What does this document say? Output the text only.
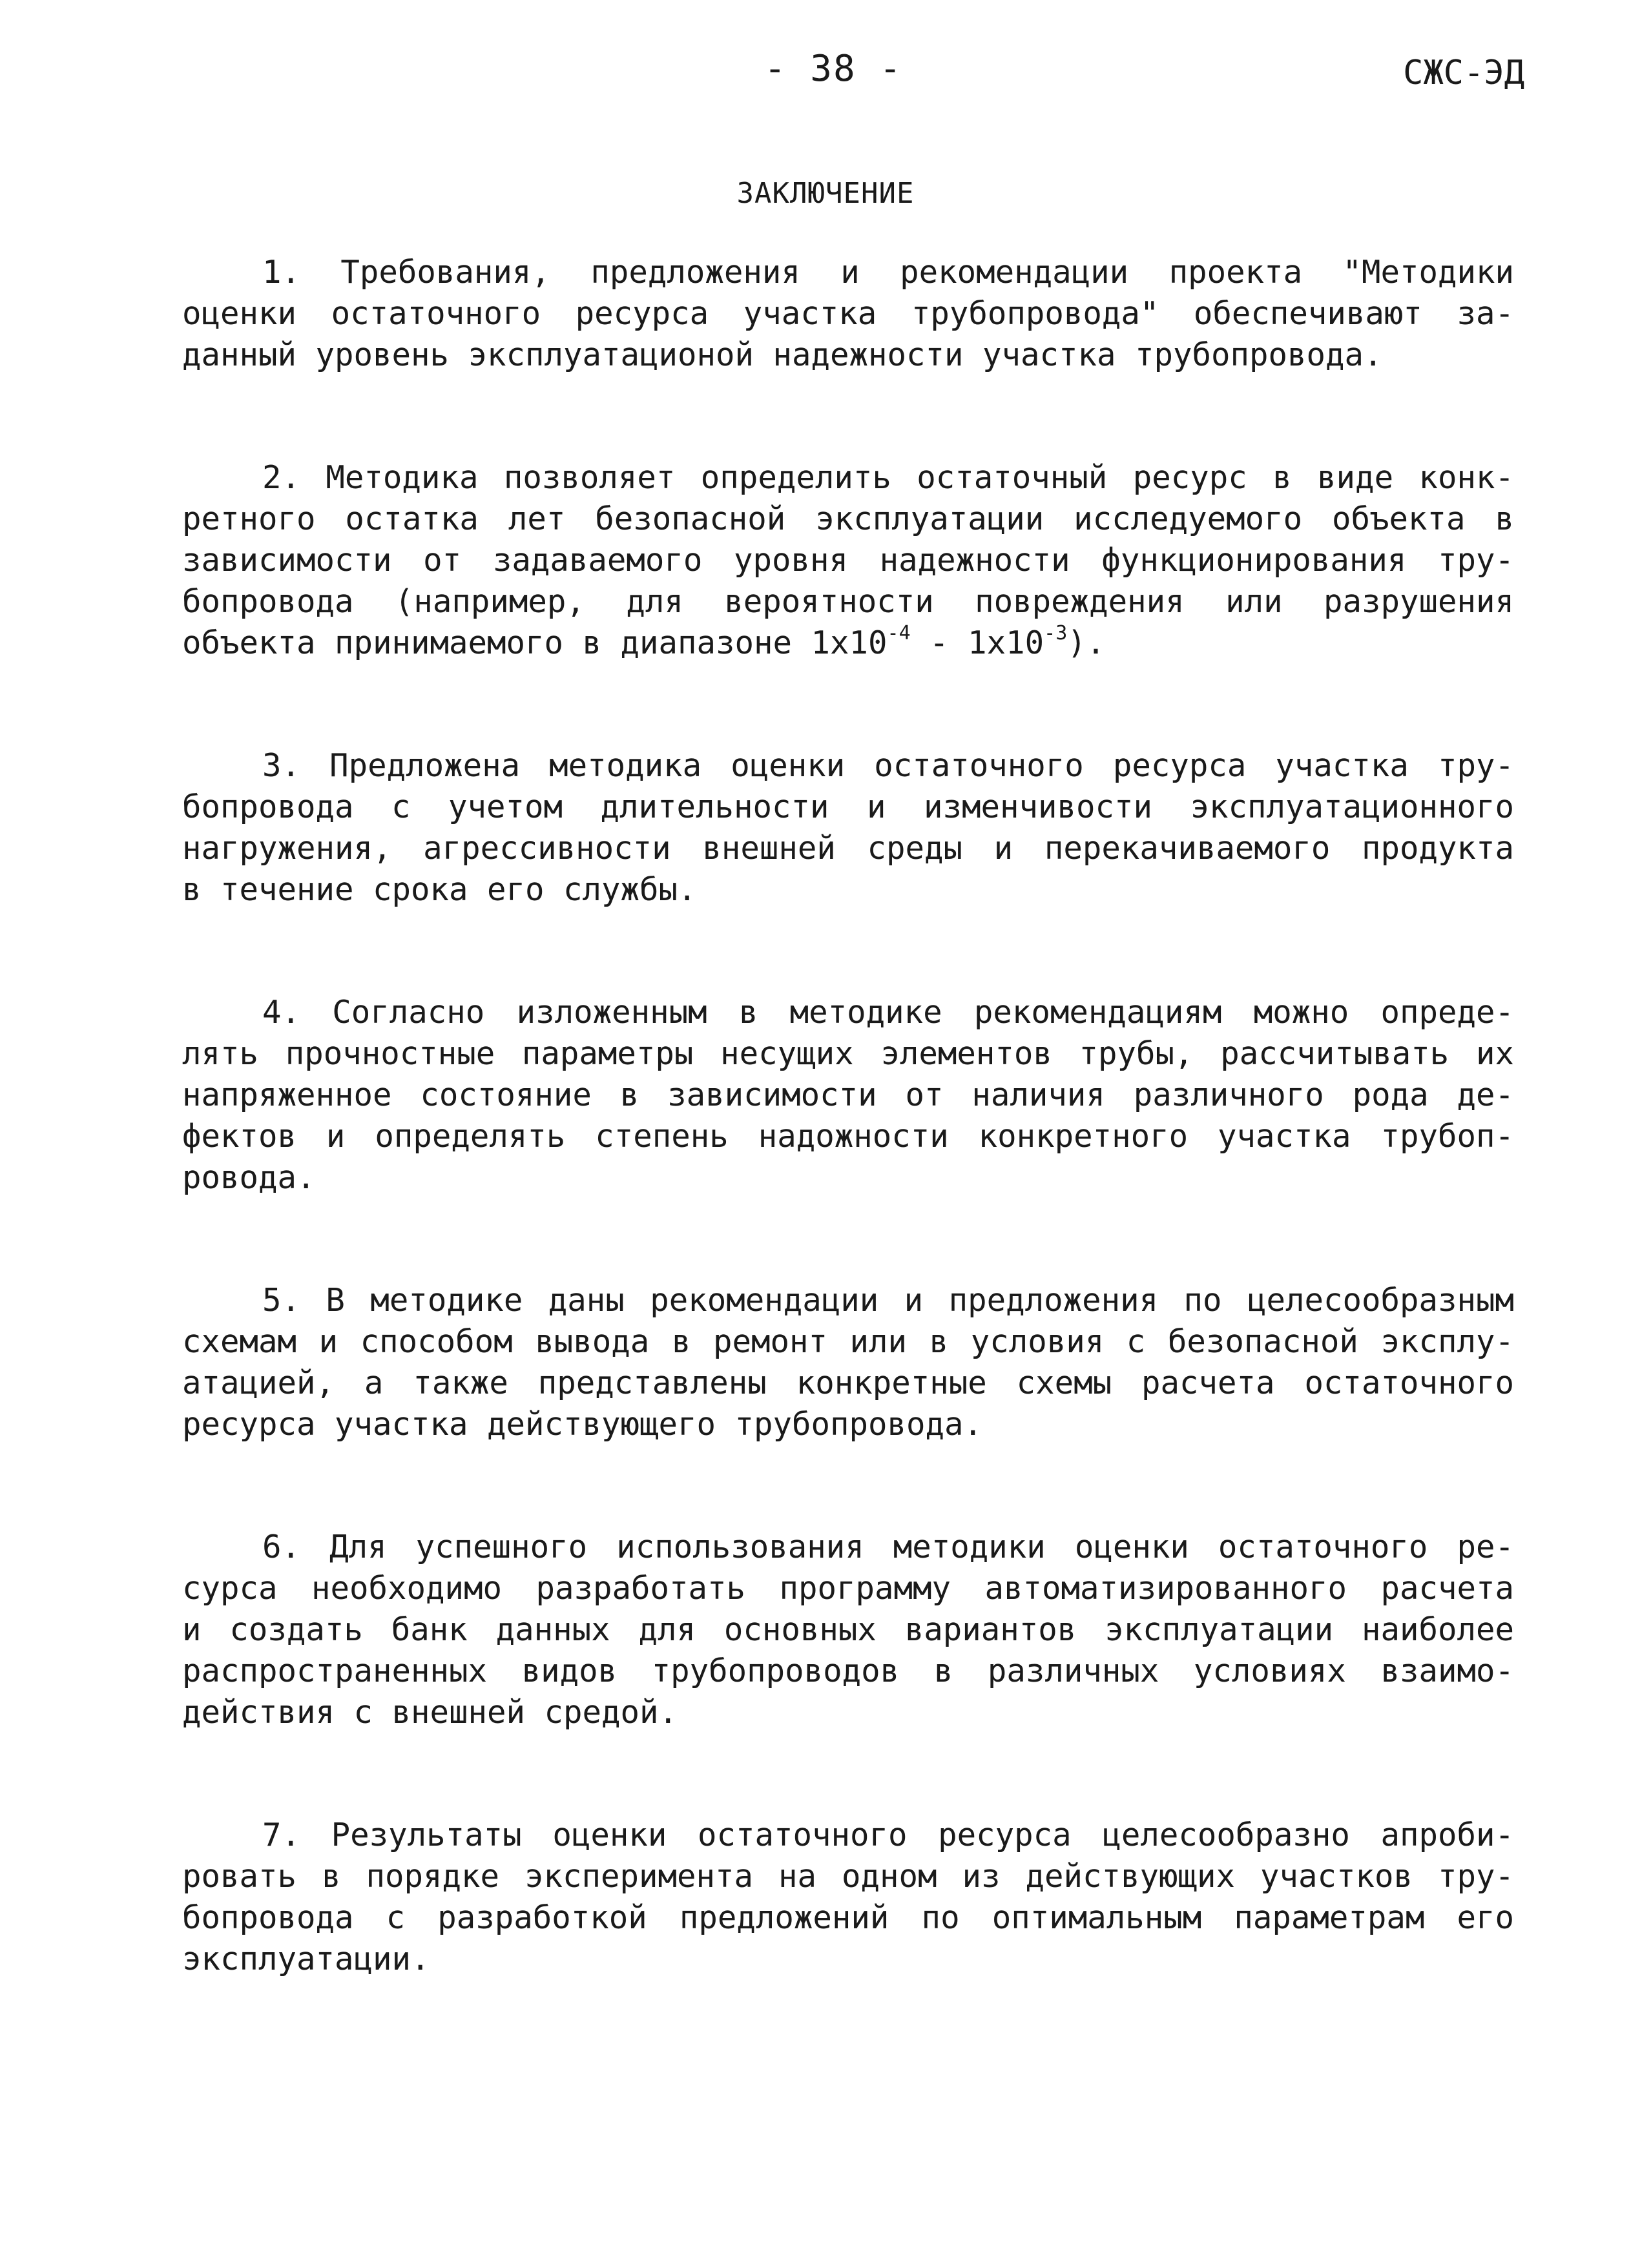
- 38 -	СЖС-ЭД
ЗАКЛЮЧЕНИЕ
1. Требования, предложения и рекомендации проекта "Методики
оценки остаточного ресурса участка трубопровода" обеспечивают за-
данный уровень эксплуатационой надежности участка трубопровода.
2. Методика позволяет определить остаточный ресурс в виде конк-
ретного остатка лет безопасной эксплуатации исследуемого объекта в
зависимости от задаваемого уровня надежности функционирования тру-
бопровода (например, для вероятности повреждения или разрушения
объекта принимаемого в диапазоне $1х10^{-4} - 1х10^{-3}$).
3. Предложена методика оценки остаточного ресурса участка тру-
бопровода с учетом длительности и изменчивости эксплуатационного
нагружения, агрессивности внешней среды и перекачиваемого продукта
в течение срока его службы.
4. Согласно изложенным в методике рекомендациям можно опреде-
лять прочностные параметры несущих элементов трубы, рассчитывать их
напряженное состояние в зависимости от наличия различного рода де-
фектов и определять степень надожности конкретного участка трубоп-
ровода.
5. В методике даны рекомендации и предложения по целесообразным
схемам и способом вывода в ремонт или в условия с безопасной эксплу-
атацией, а также представлены конкретные схемы расчета остаточного
ресурса участка действующего трубопровода.
6. Для успешного использования методики оценки остаточного ре-
сурса необходимо разработать программу автоматизированного расчета
и создать банк данных для основных вариантов эксплуатации наиболее
распространенных видов трубопроводов в различных условиях взаимо-
действия с внешней средой.
7. Результаты оценки остаточного ресурса целесообразно апроби-
ровать в порядке эксперимента на одном из действующих участков тру-
бопровода с разработкой предложений по оптимальным параметрам его
эксплуатации.
